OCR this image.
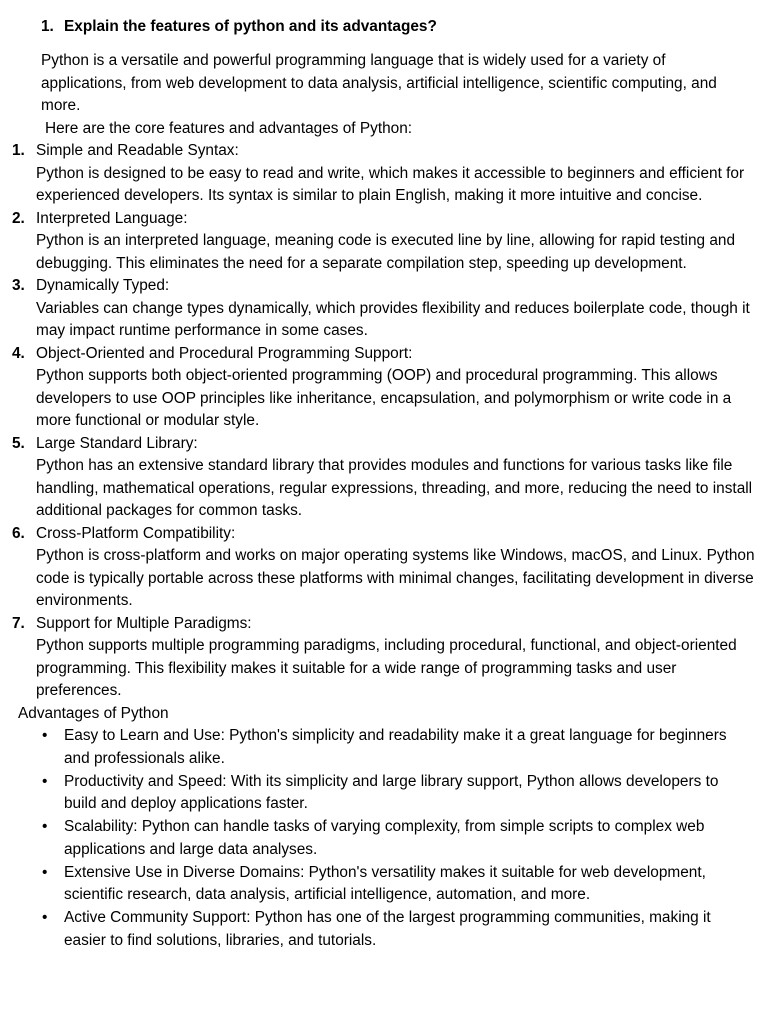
1. Explain the features of python and its advantages?
Python is a versatile and powerful programming language that is widely used for a variety of applications, from web development to data analysis, artificial intelligence, scientific computing, and more.
Here are the core features and advantages of Python:
1. Simple and Readable Syntax:
Python is designed to be easy to read and write, which makes it accessible to beginners and efficient for experienced developers. Its syntax is similar to plain English, making it more intuitive and concise.
2. Interpreted Language:
Python is an interpreted language, meaning code is executed line by line, allowing for rapid testing and debugging. This eliminates the need for a separate compilation step, speeding up development.
3. Dynamically Typed:
Variables can change types dynamically, which provides flexibility and reduces boilerplate code, though it may impact runtime performance in some cases.
4. Object-Oriented and Procedural Programming Support:
Python supports both object-oriented programming (OOP) and procedural programming. This allows developers to use OOP principles like inheritance, encapsulation, and polymorphism or write code in a more functional or modular style.
5. Large Standard Library:
Python has an extensive standard library that provides modules and functions for various tasks like file handling, mathematical operations, regular expressions, threading, and more, reducing the need to install additional packages for common tasks.
6. Cross-Platform Compatibility:
Python is cross-platform and works on major operating systems like Windows, macOS, and Linux. Python code is typically portable across these platforms with minimal changes, facilitating development in diverse environments.
7. Support for Multiple Paradigms:
Python supports multiple programming paradigms, including procedural, functional, and object-oriented programming. This flexibility makes it suitable for a wide range of programming tasks and user preferences.
Advantages of Python
• Easy to Learn and Use: Python's simplicity and readability make it a great language for beginners and professionals alike.
• Productivity and Speed: With its simplicity and large library support, Python allows developers to build and deploy applications faster.
• Scalability: Python can handle tasks of varying complexity, from simple scripts to complex web applications and large data analyses.
• Extensive Use in Diverse Domains: Python's versatility makes it suitable for web development, scientific research, data analysis, artificial intelligence, automation, and more.
• Active Community Support: Python has one of the largest programming communities, making it easier to find solutions, libraries, and tutorials.
